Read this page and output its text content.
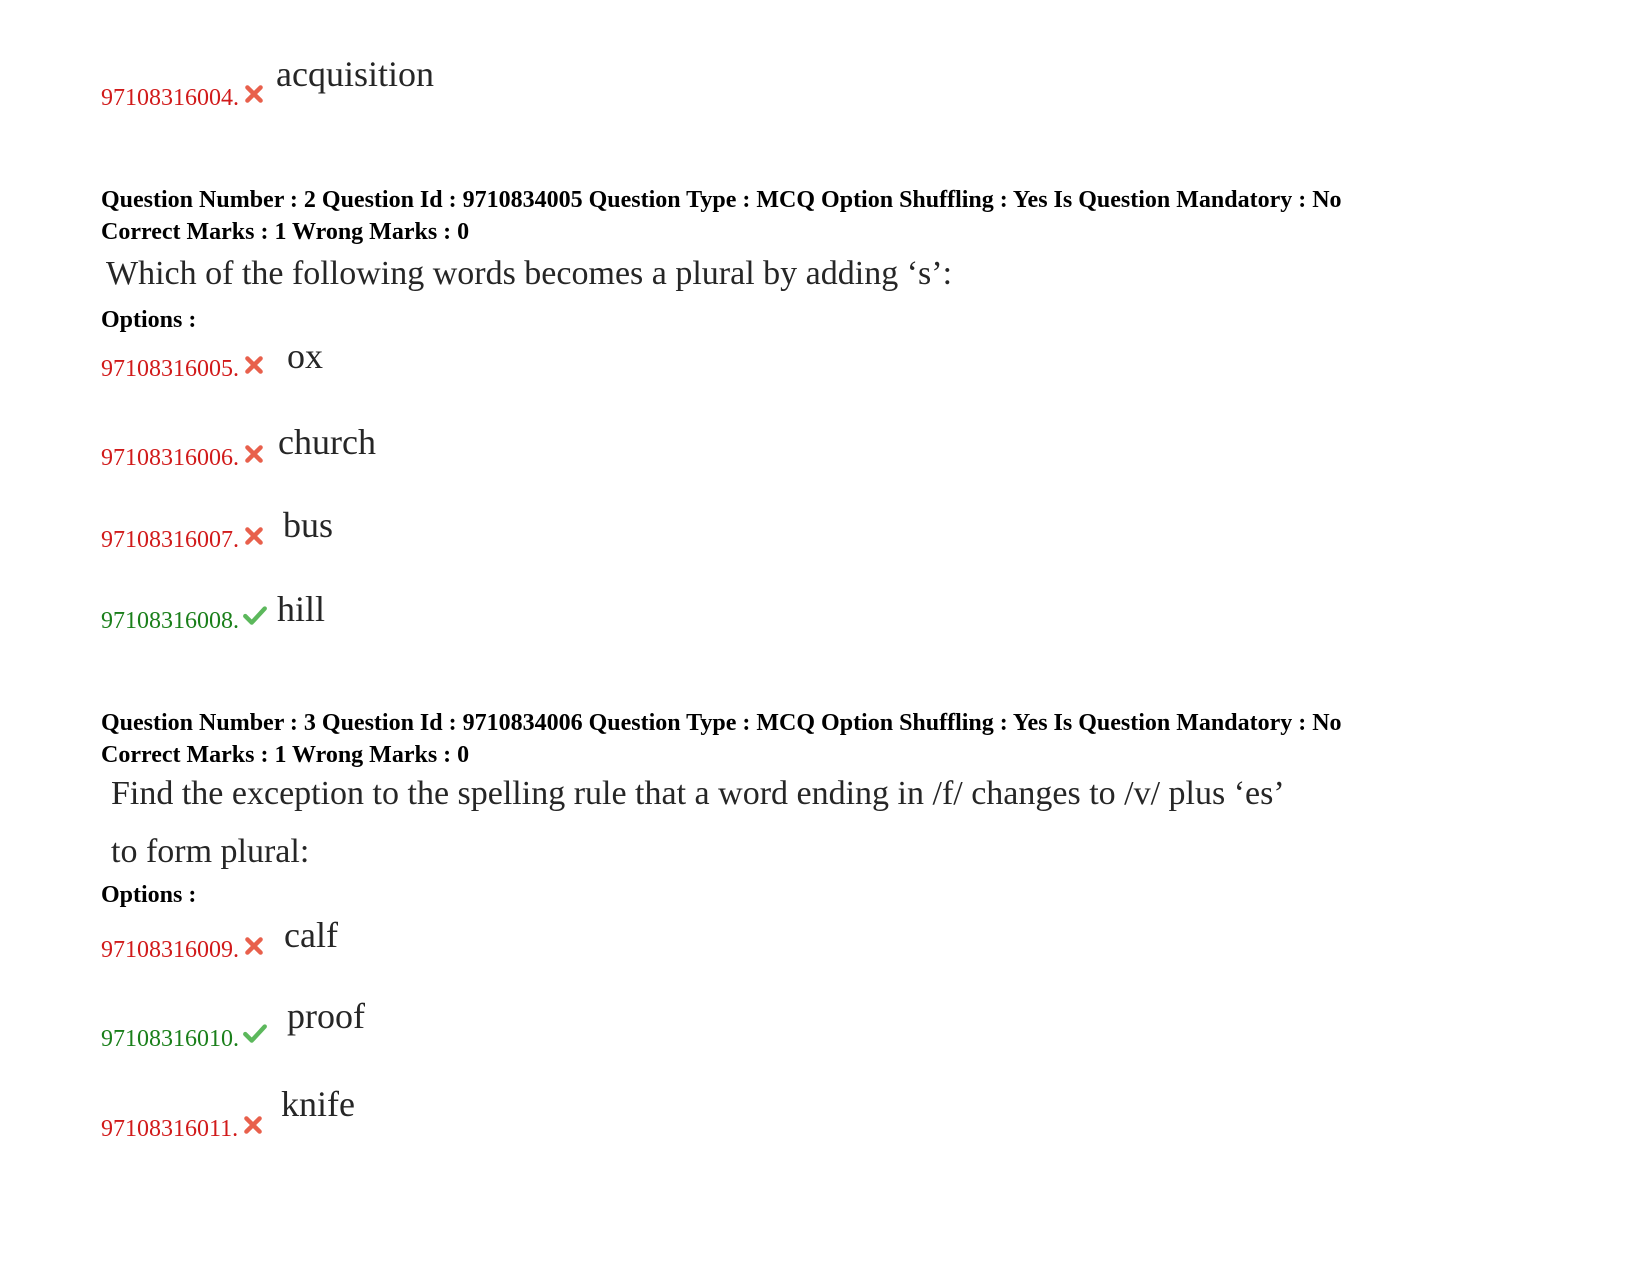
97108316004.
acquisition
Question Number : 2 Question Id : 9710834005 Question Type : MCQ Option Shuffling : Yes Is Question Mandatory : No
Correct Marks : 1 Wrong Marks : 0
Which of the following words becomes a plural by adding ‘s’:
Options :
97108316005. ox
97108316006. church
97108316007. bus
97108316008. hill
Question Number : 3 Question Id : 9710834006 Question Type : MCQ Option Shuffling : Yes Is Question Mandatory : No
Correct Marks : 1 Wrong Marks : 0
Find the exception to the spelling rule that a word ending in /f/ changes to /v/ plus ‘es’
to form plural:
Options :
97108316009. calf
97108316010.
proof
97108316011.
knife
